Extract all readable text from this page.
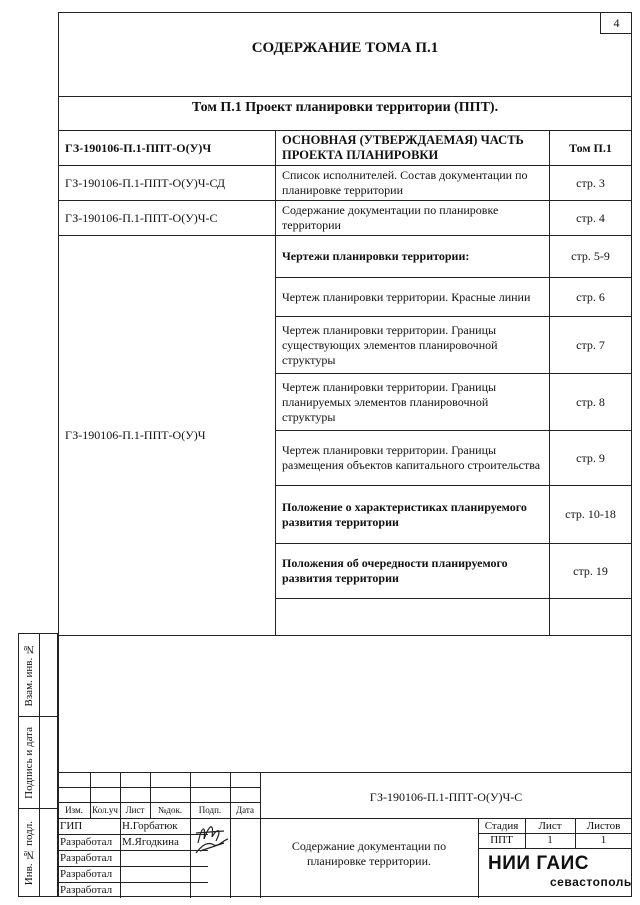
4
СОДЕРЖАНИЕ ТОМА П.1
Том П.1 Проект планировки территории (ППТ).
ГЗ-190106-П.1-ППТ-О(У)Ч	ОСНОВНАЯ (УТВЕРЖДАЕМАЯ) ЧАСТЬ ПРОЕКТА ПЛАНИРОВКИ	Том П.1
ГЗ-190106-П.1-ППТ-О(У)Ч-СД	Список исполнителей. Состав документации по планировке территории	стр. 3
ГЗ-190106-П.1-ППТ-О(У)Ч-С	Содержание документации по планировке территории	стр. 4
ГЗ-190106-П.1-ППТ-О(У)Ч	Чертежи планировки территории:	стр. 5-9
	Чертеж планировки территории. Красные линии	стр. 6
	Чертеж планировки территории. Границы существующих элементов планировочной структуры	стр. 7
	Чертеж планировки территории. Границы планируемых элементов планировочной структуры	стр. 8
	Чертеж планировки территории. Границы размещения объектов капитального строительства	стр. 9
	Положение о характеристиках планируемого развития территории	стр. 10-18
	Положения об очередности планируемого развития территории	стр. 19

Взам. инв. №
Подпись и дата
Инв. № подл.
ГЗ-190106-П.1-ППТ-О(У)Ч-С
Изм.	Кол.уч Лист	№док.	Подп.	Дата
ГИП	Н.Горбатюк
Разработал М.Ягодкина
Разработал
Разработал
Разработал
Содержание документации по планировке территории.
Стадия	Лист	Листов
ППТ	1	1
НИИ ГАИС
севастополь
